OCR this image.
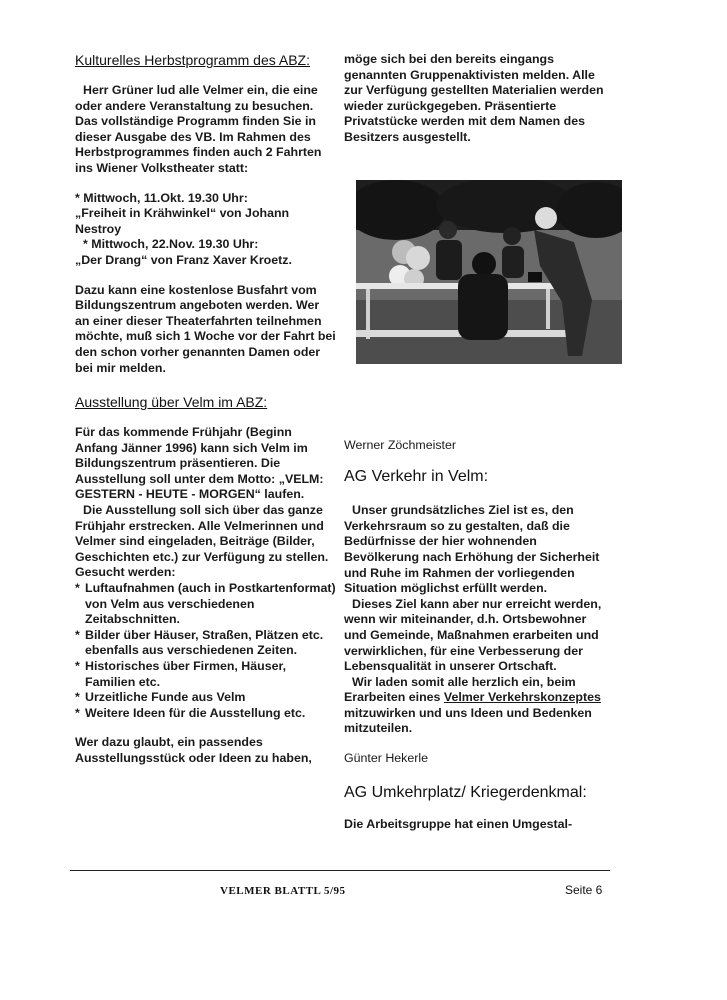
Kulturelles Herbstprogramm des ABZ:

Herr Grüner lud alle Velmer ein, die eine oder andere Veranstaltung zu besuchen. Das vollständige Programm finden Sie in dieser Ausgabe des VB. Im Rahmen des Herbstprogrammes finden auch 2 Fahrten ins Wiener Volkstheater statt:

* Mittwoch, 11.Okt. 19.30 Uhr:

„Freiheit in Krähwinkel“ von Johann Nestroy

* Mittwoch, 22.Nov. 19.30 Uhr:

„Der Drang“ von Franz Xaver Kroetz.

Dazu kann eine kostenlose Busfahrt vom Bildungszentrum angeboten werden. Wer an einer dieser Theaterfahrten teilnehmen möchte, muß sich 1 Woche vor der Fahrt bei den schon vorher genannten Damen oder bei mir melden.

Ausstellung über Velm im ABZ:

Für das kommende Frühjahr (Beginn Anfang Jänner 1996) kann sich Velm im Bildungszentrum präsentieren. Die Ausstellung soll unter dem Motto: „VELM: GESTERN - HEUTE - MORGEN“ laufen.

Die Ausstellung soll sich über das ganze Frühjahr erstrecken. Alle Velmerinnen und Velmer sind eingeladen, Beiträge (Bilder, Geschichten etc.) zur Verfügung zu stellen.

Gesucht werden:

* Luftaufnahmen (auch in Postkartenformat) von Velm aus verschiedenen Zeitabschnitten.
* Bilder über Häuser, Straßen, Plätzen etc. ebenfalls aus verschiedenen Zeiten.
* Historisches über Firmen, Häuser, Familien etc.
* Urzeitliche Funde aus Velm
* Weitere Ideen für die Ausstellung etc.

Wer dazu glaubt, ein passendes Ausstellungsstück oder Ideen zu haben,

möge sich bei den bereits eingangs genannten Gruppenaktivisten melden. Alle zur Verfügung gestellten Materialien werden wieder zurückgegeben. Präsentierte Privatstücke werden mit dem Namen des Besitzers ausgestellt.

Werner Zöchmeister

AG Verkehr in Velm:

Unser grundsätzliches Ziel ist es, den Verkehrsraum so zu gestalten, daß die Bedürfnisse der hier wohnenden Bevölkerung nach Erhöhung der Sicherheit und Ruhe im Rahmen der vorliegenden Situation möglichst erfüllt werden.

Dieses Ziel kann aber nur erreicht werden, wenn wir miteinander, d.h. Ortsbewohner und Gemeinde, Maßnahmen erarbeiten und verwirklichen, für eine Verbesserung der Lebensqualität in unserer Ortschaft.

Wir laden somit alle herzlich ein, beim Erarbeiten eines Velmer Verkehrskonzeptes mitzuwirken und uns Ideen und Bedenken mitzuteilen.

Günter Hekerle

AG Umkehrplatz/ Kriegerdenkmal:

Die Arbeitsgruppe hat einen Umgestal-

VELMER BLATTL 5/95	Seite 6
